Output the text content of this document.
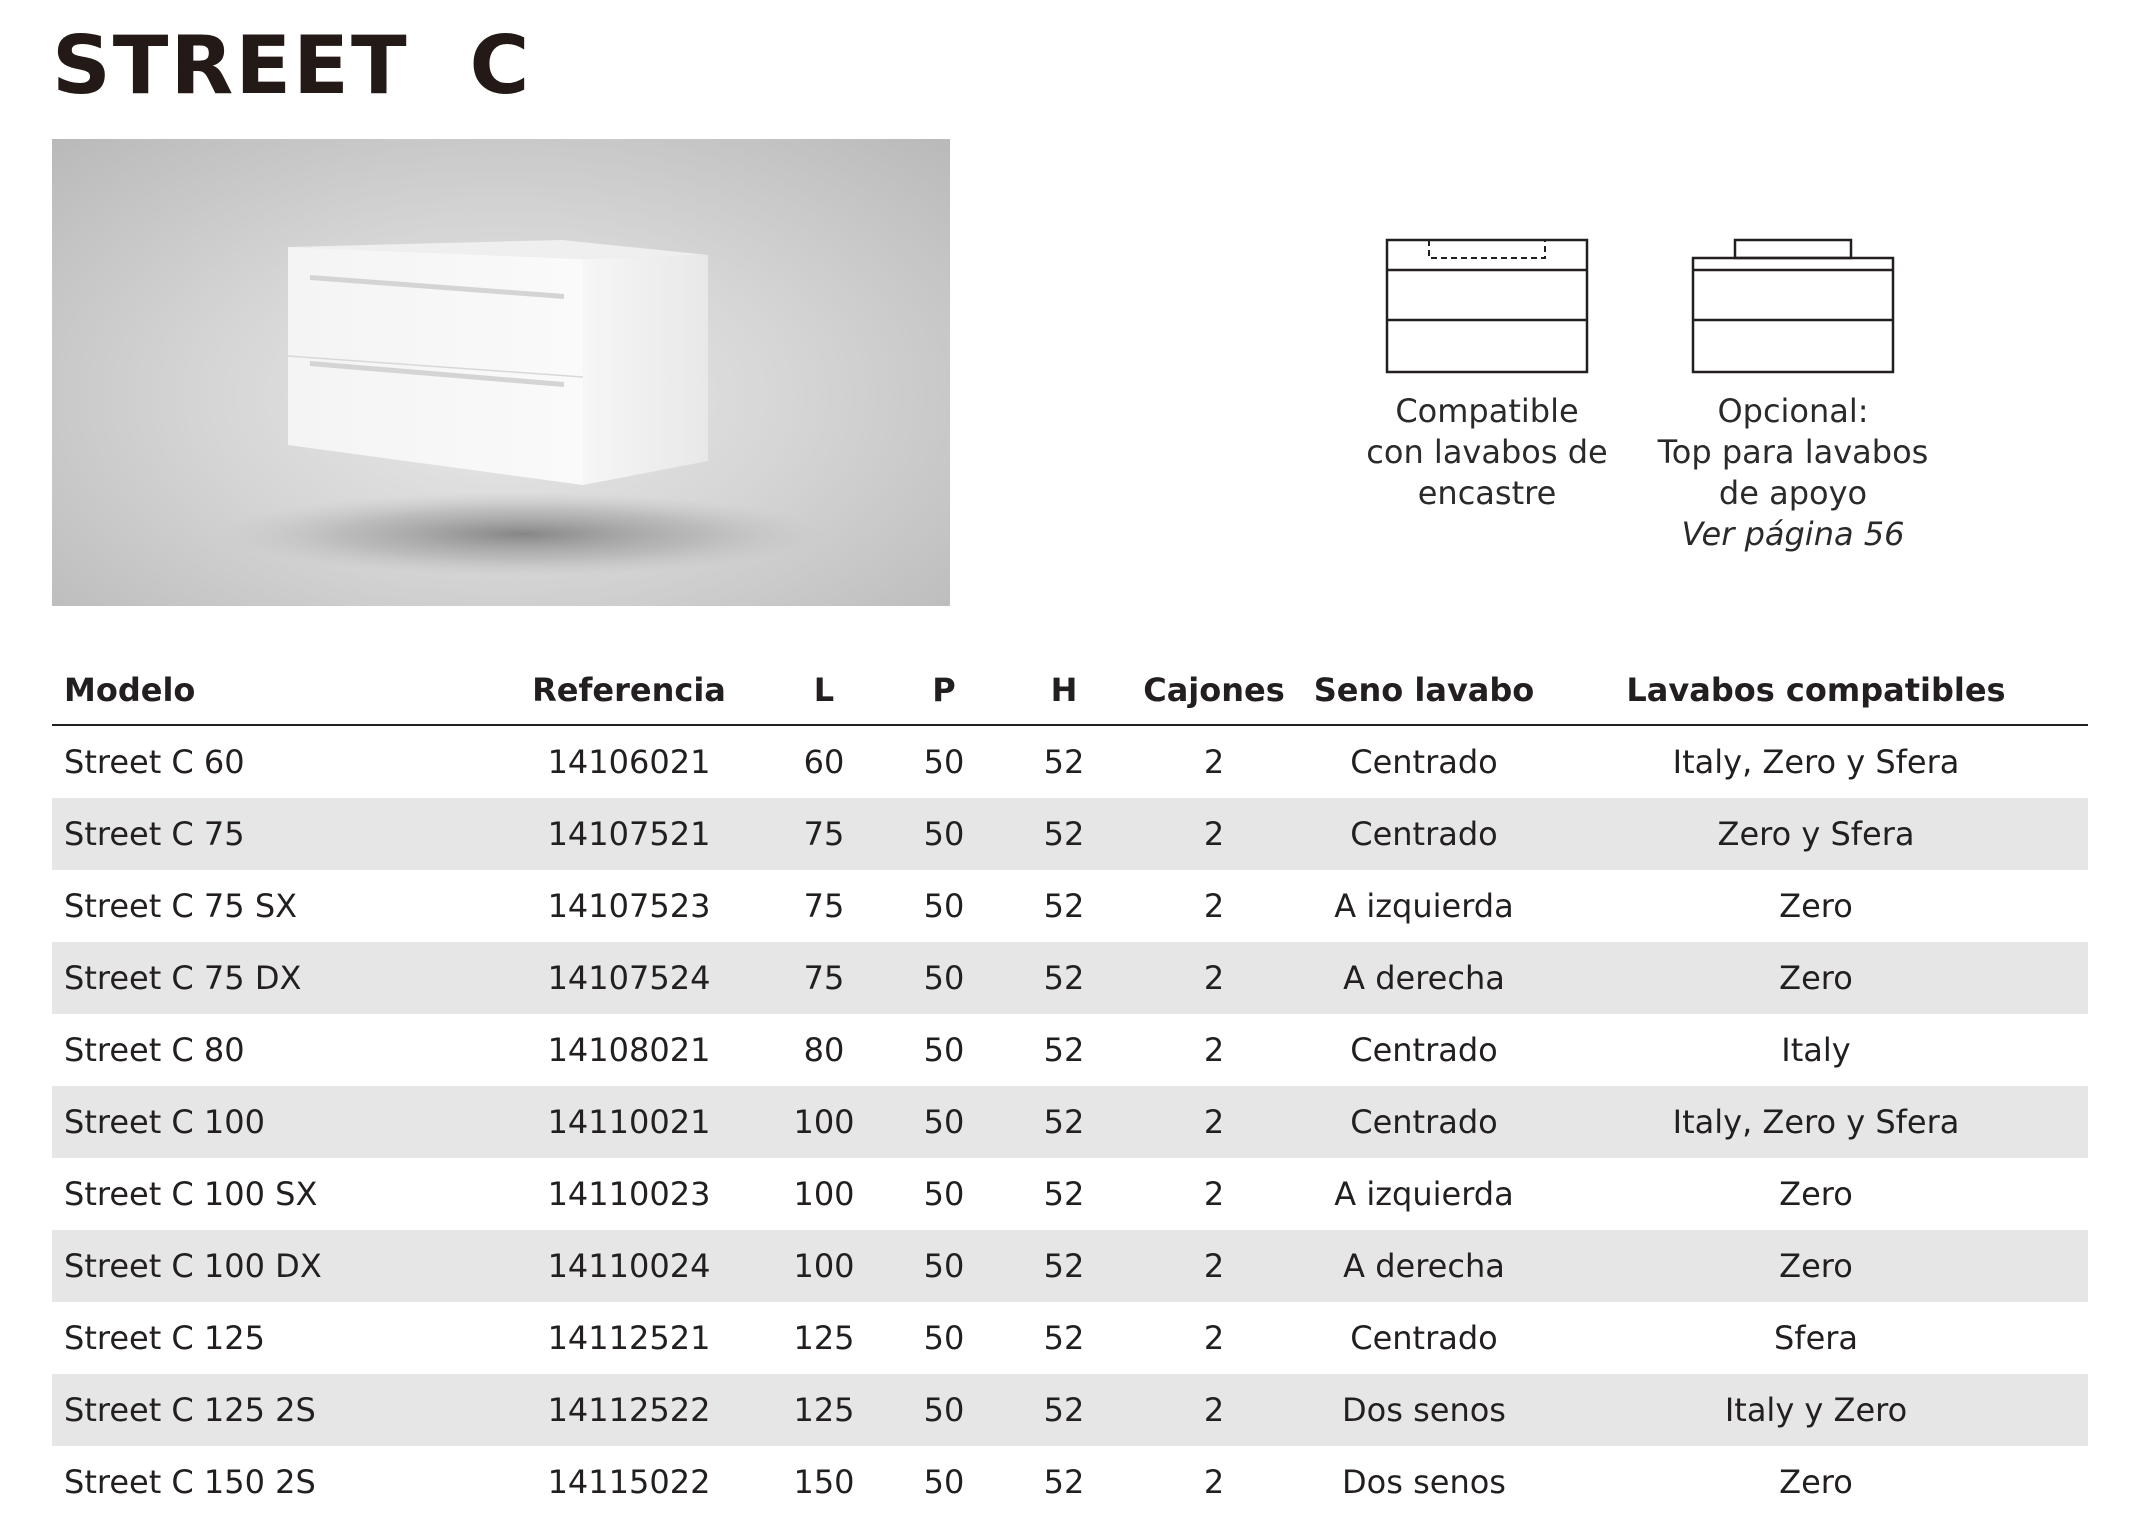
STREET  C
Compatible
con lavabos de
encastre
Opcional:
Top para lavabos
de apoyo
Ver página 56
Modelo	Referencia	L	P	H	Cajones	Seno lavabo	Lavabos compatibles
Street C 60	14106021	60	50	52	2	Centrado	Italy, Zero y Sfera
Street C 75	14107521	75	50	52	2	Centrado	Zero y Sfera
Street C 75 SX	14107523	75	50	52	2	A izquierda	Zero
Street C 75 DX	14107524	75	50	52	2	A derecha	Zero
Street C 80	14108021	80	50	52	2	Centrado	Italy
Street C 100	14110021	100	50	52	2	Centrado	Italy, Zero y Sfera
Street C 100 SX	14110023	100	50	52	2	A izquierda	Zero
Street C 100 DX	14110024	100	50	52	2	A derecha	Zero
Street C 125	14112521	125	50	52	2	Centrado	Sfera
Street C 125 2S	14112522	125	50	52	2	Dos senos	Italy y Zero
Street C 150 2S	14115022	150	50	52	2	Dos senos	Zero
